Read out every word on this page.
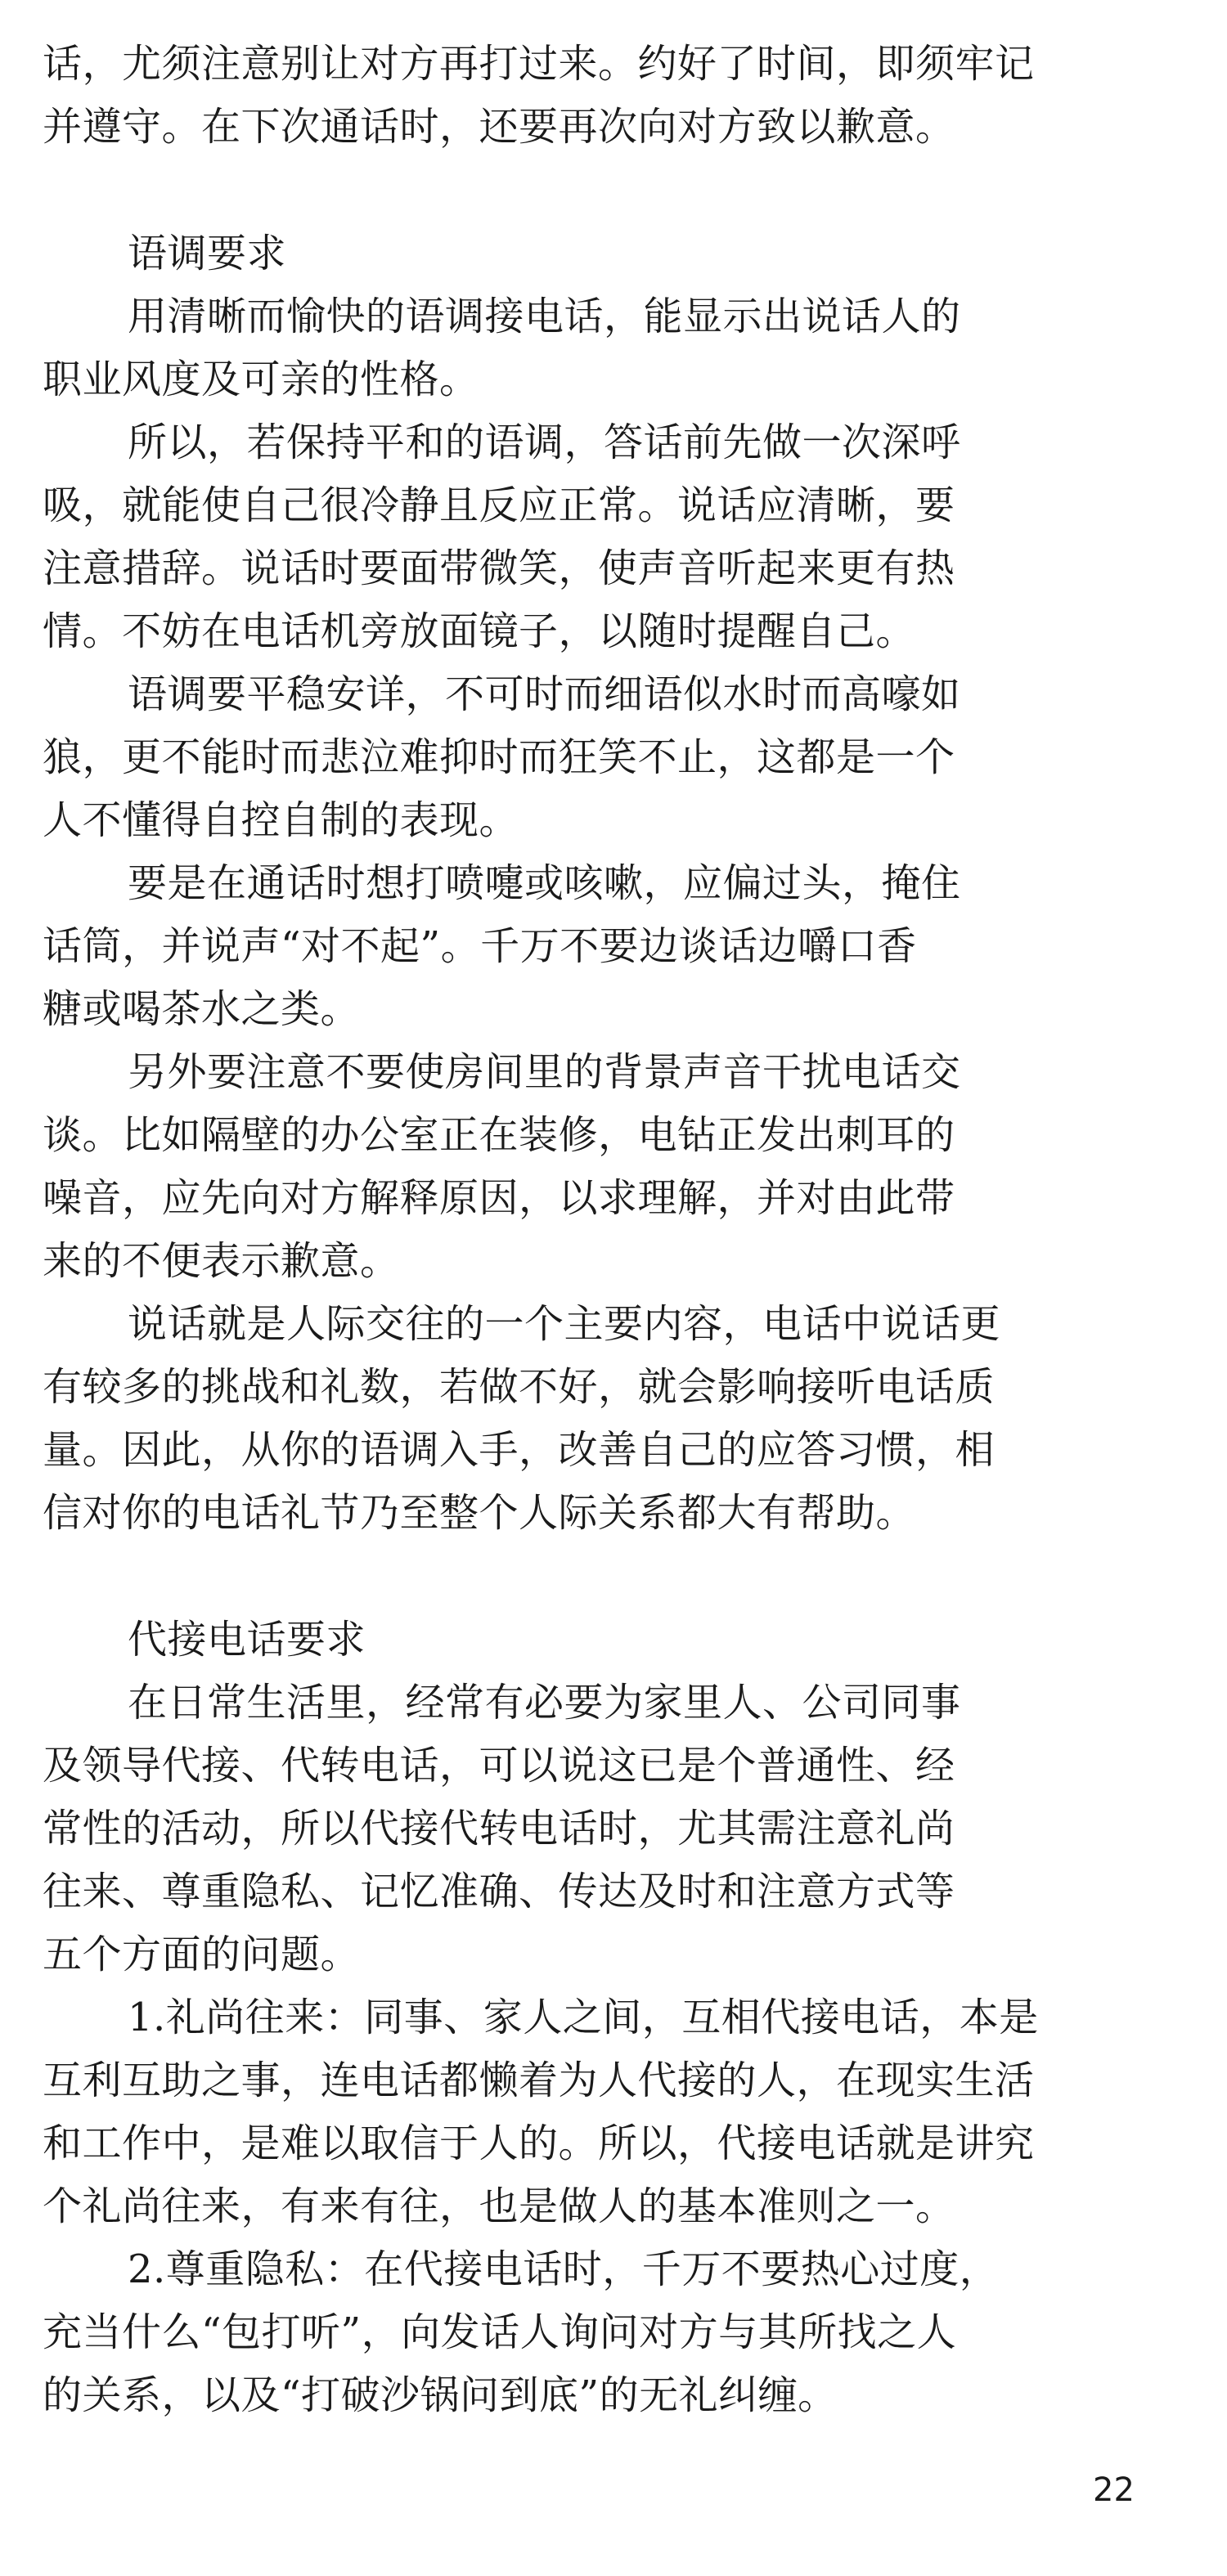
话，尤须注意别让对方再打过来。约好了时间，即须牢记
并遵守。在下次通话时，还要再次向对方致以歉意。
语调要求
用清晰而愉快的语调接电话，能显示出说话人的
职业风度及可亲的性格。
所以，若保持平和的语调，答话前先做一次深呼
吸，就能使自己很冷静且反应正常。说话应清晰，要
注意措辞。说话时要面带微笑，使声音听起来更有热
情。不妨在电话机旁放面镜子，以随时提醒自己。
语调要平稳安详，不可时而细语似水时而高嚎如
狼，更不能时而悲泣难抑时而狂笑不止，这都是一个
人不懂得自控自制的表现。
要是在通话时想打喷嚏或咳嗽，应偏过头，掩住
话筒，并说声“对不起”。千万不要边谈话边嚼口香
糖或喝茶水之类。
另外要注意不要使房间里的背景声音干扰电话交
谈。比如隔壁的办公室正在装修，电钻正发出刺耳的
噪音，应先向对方解释原因，以求理解，并对由此带
来的不便表示歉意。
说话就是人际交往的一个主要内容，电话中说话更
有较多的挑战和礼数，若做不好，就会影响接听电话质
量。因此，从你的语调入手，改善自己的应答习惯，相
信对你的电话礼节乃至整个人际关系都大有帮助。
代接电话要求
在日常生活里，经常有必要为家里人、公司同事
及领导代接、代转电话，可以说这已是个普通性、经
常性的活动，所以代接代转电话时，尤其需注意礼尚
往来、尊重隐私、记忆准确、传达及时和注意方式等
五个方面的问题。
1.礼尚往来：同事、家人之间，互相代接电话，本是
互利互助之事，连电话都懒着为人代接的人，在现实生活
和工作中，是难以取信于人的。所以，代接电话就是讲究
个礼尚往来，有来有往，也是做人的基本准则之一。
2.尊重隐私：在代接电话时，千万不要热心过度，
充当什么“包打听”，向发话人询问对方与其所找之人
的关系，以及“打破沙锅问到底”的无礼纠缠。
22
